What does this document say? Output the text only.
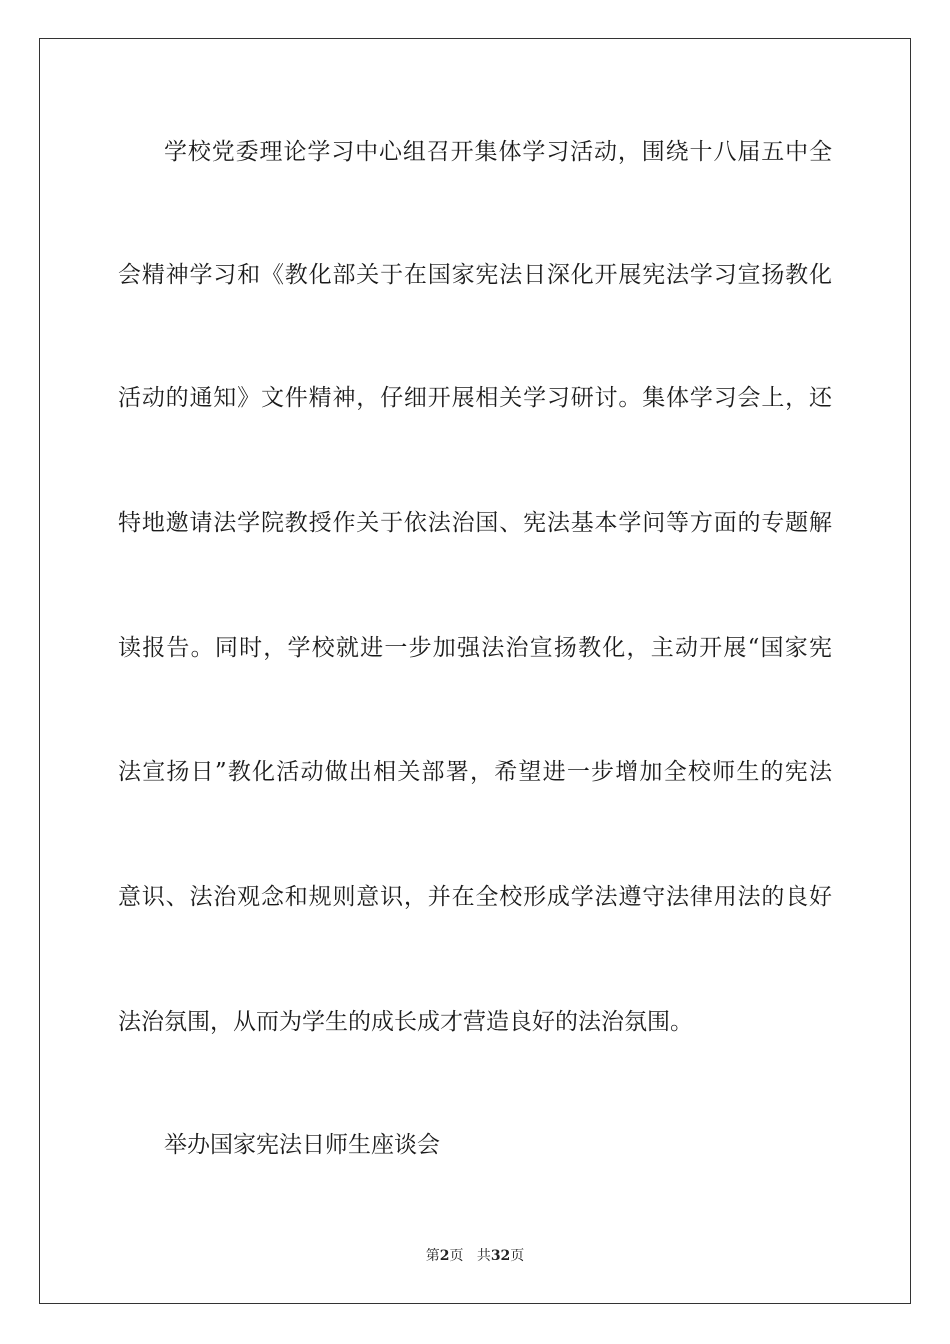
学校党委理论学习中心组召开集体学习活动，围绕十八届五中全
会精神学习和《教化部关于在国家宪法日深化开展宪法学习宣扬教化
活动的通知》文件精神，仔细开展相关学习研讨。集体学习会上，还
特地邀请法学院教授作关于依法治国、宪法基本学问等方面的专题解
读报告。同时，学校就进一步加强法治宣扬教化，主动开展“国家宪
法宣扬日”教化活动做出相关部署，希望进一步增加全校师生的宪法
意识、法治观念和规则意识，并在全校形成学法遵守法律用法的良好
法治氛围，从而为学生的成长成才营造良好的法治氛围。
举办国家宪法日师生座谈会
第2页 共32页
